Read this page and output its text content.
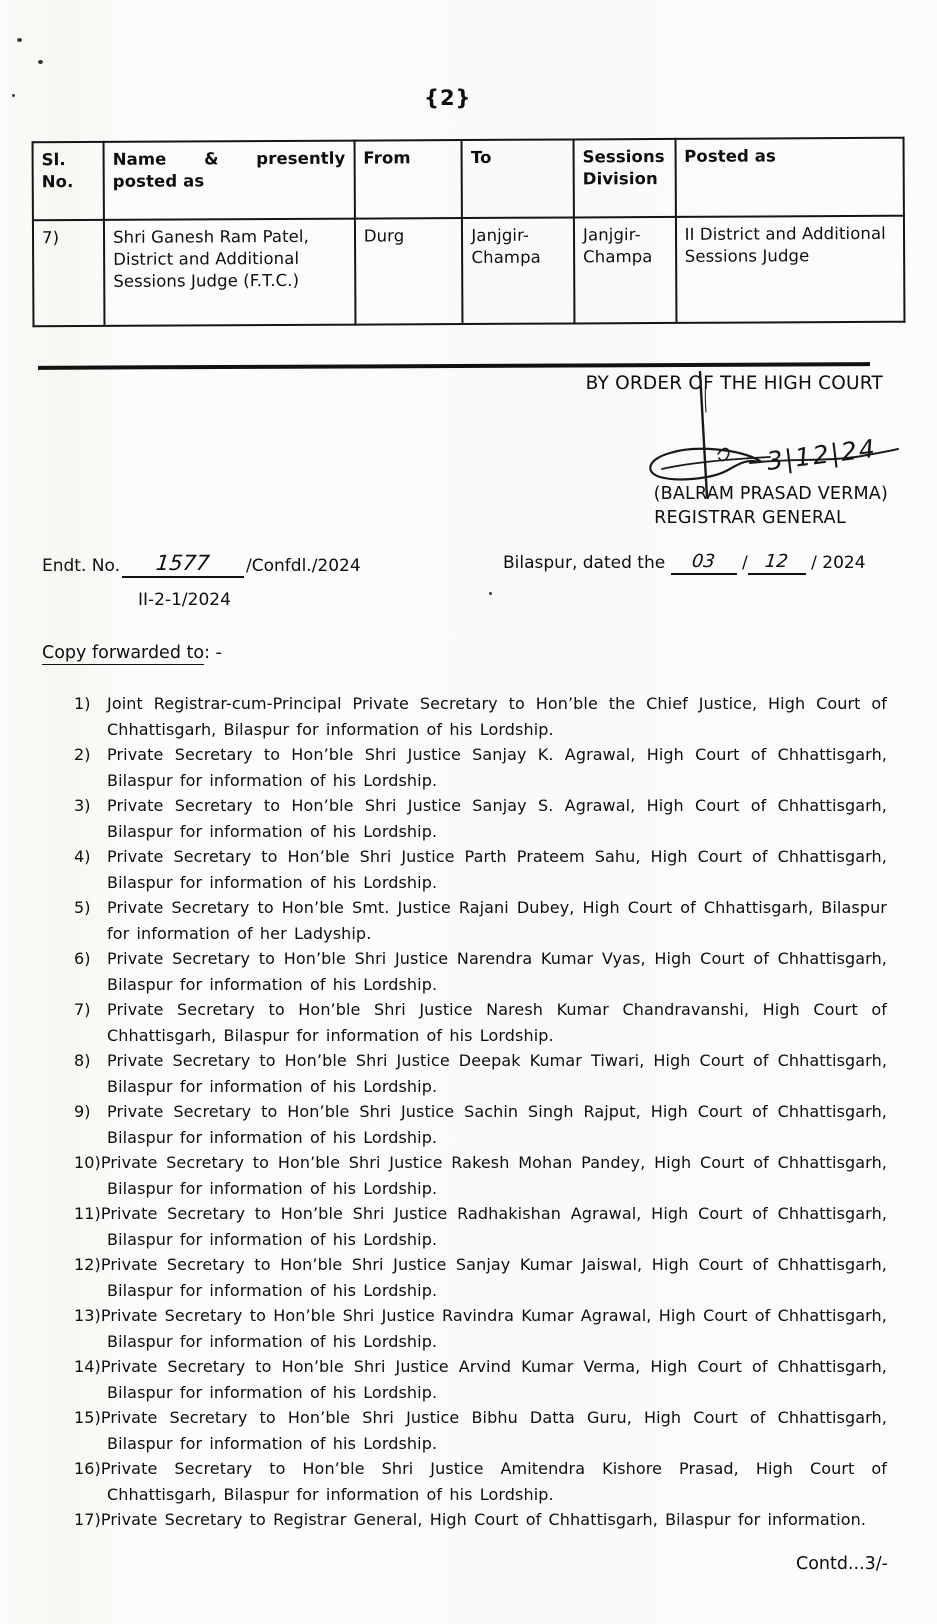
{2}
Sl. No.	Name & presently posted as	From	To	Sessions Division	Posted as
7)	Shri Ganesh Ram Patel, District and Additional Sessions Judge (F.T.C.)	Durg	Janjgir-Champa	Janjgir-Champa	II District and Additional Sessions Judge
BY ORDER OF THE HIGH COURT
3|12|24
(BALRAM PRASAD VERMA)
REGISTRAR GENERAL
Endt. No. 1577 /Confdl./2024
II-2-1/2024
Bilaspur, dated the 03 / 12 / 2024
Copy forwarded to: -
1) Joint Registrar-cum-Principal Private Secretary to Hon’ble the Chief Justice, High Court of Chhattisgarh, Bilaspur for information of his Lordship.
2) Private Secretary to Hon’ble Shri Justice Sanjay K. Agrawal, High Court of Chhattisgarh, Bilaspur for information of his Lordship.
3) Private Secretary to Hon’ble Shri Justice Sanjay S. Agrawal, High Court of Chhattisgarh, Bilaspur for information of his Lordship.
4) Private Secretary to Hon’ble Shri Justice Parth Prateem Sahu, High Court of Chhattisgarh, Bilaspur for information of his Lordship.
5) Private Secretary to Hon’ble Smt. Justice Rajani Dubey, High Court of Chhattisgarh, Bilaspur for information of her Ladyship.
6) Private Secretary to Hon’ble Shri Justice Narendra Kumar Vyas, High Court of Chhattisgarh, Bilaspur for information of his Lordship.
7) Private Secretary to Hon’ble Shri Justice Naresh Kumar Chandravanshi, High Court of Chhattisgarh, Bilaspur for information of his Lordship.
8) Private Secretary to Hon’ble Shri Justice Deepak Kumar Tiwari, High Court of Chhattisgarh, Bilaspur for information of his Lordship.
9) Private Secretary to Hon’ble Shri Justice Sachin Singh Rajput, High Court of Chhattisgarh, Bilaspur for information of his Lordship.
10)Private Secretary to Hon’ble Shri Justice Rakesh Mohan Pandey, High Court of Chhattisgarh, Bilaspur for information of his Lordship.
11)Private Secretary to Hon’ble Shri Justice Radhakishan Agrawal, High Court of Chhattisgarh, Bilaspur for information of his Lordship.
12)Private Secretary to Hon’ble Shri Justice Sanjay Kumar Jaiswal, High Court of Chhattisgarh, Bilaspur for information of his Lordship.
13)Private Secretary to Hon’ble Shri Justice Ravindra Kumar Agrawal, High Court of Chhattisgarh, Bilaspur for information of his Lordship.
14)Private Secretary to Hon’ble Shri Justice Arvind Kumar Verma, High Court of Chhattisgarh, Bilaspur for information of his Lordship.
15)Private Secretary to Hon’ble Shri Justice Bibhu Datta Guru, High Court of Chhattisgarh, Bilaspur for information of his Lordship.
16)Private Secretary to Hon’ble Shri Justice Amitendra Kishore Prasad, High Court of Chhattisgarh, Bilaspur for information of his Lordship.
17)Private Secretary to Registrar General, High Court of Chhattisgarh, Bilaspur for information.
Contd...3/-
